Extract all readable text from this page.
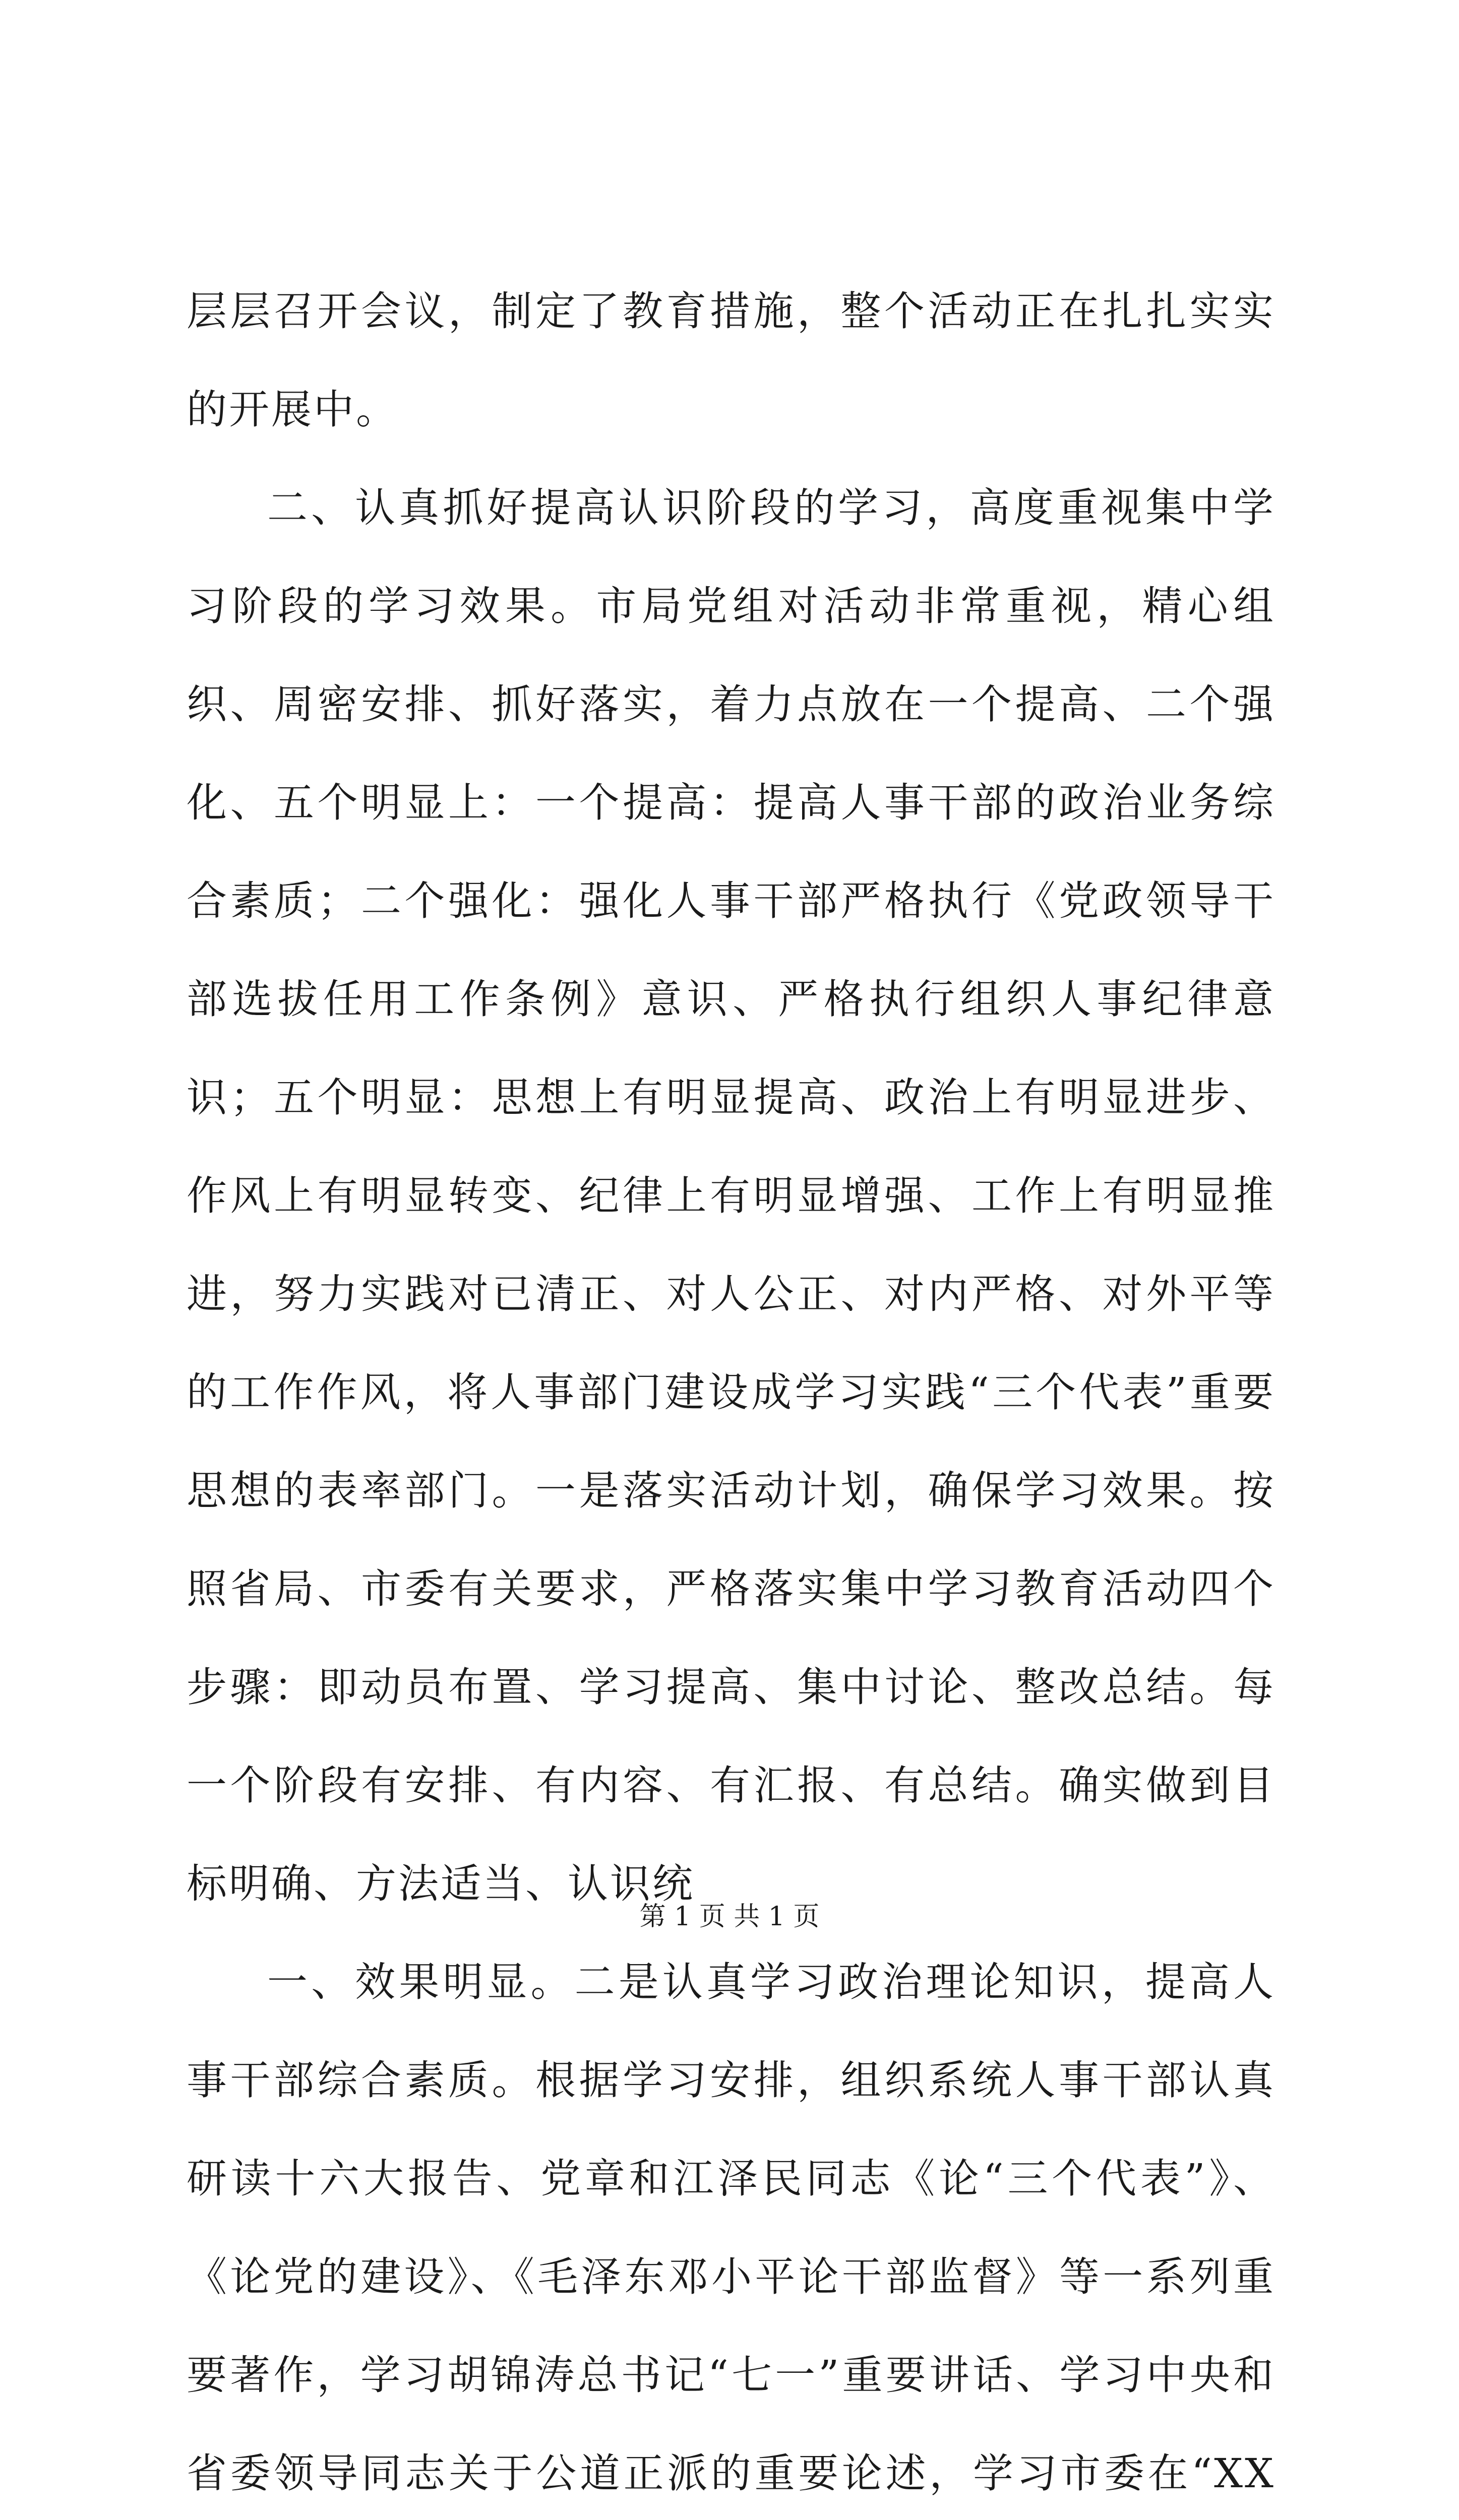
层层召开会议，制定了教育措施，整个活动正在扎扎实实的开展中。

二、认真抓好提高认识阶段的学习，高度重视集中学习阶段的学习效果。市局党组对活动非常重视，精心组织、周密安排、抓好落实，着力点放在一个提高、二个强化、五个明显上：一个提高：提高人事干部的政治业务综合素质；二个强化：强化人事干部严格执行《党政领导干部选拔任用工作条例》意识、严格执行组织人事纪律意识；五个明显：思想上有明显提高、政治上有明显进步、作风上有明显转变、纪律上有明显增强、工作上有明显推进，努力实践对已清正、对人公正、对内严格、对外平等的工作作风，将人事部门建设成学习实践“三个代表”重要思想的表率部门。一是落实活动计划，确保学习效果。按照省局、市委有关要求，严格落实集中学习教育活动四个步骤：即动员布置、学习提高、集中讨论、整改总结。每一个阶段有安排、有内容、有汇报、有总结。确实做到目标明确、方法适当、认识统

一、效果明显。二是认真学习政治理论知识，提高人事干部综合素质。根据学习安排，组织系统人事干部认真研读十六大报告、党章和江泽民同志《论“三个代表”》、《论党的建设》、《毛泽东邓小平论干部监督》等一系列重要著作，学习胡锦涛总书记“七一”重要讲话、学习中央和省委领导同志关于公道正派的重要论述，学习市委在“XX

第 1 页 共 1 页
